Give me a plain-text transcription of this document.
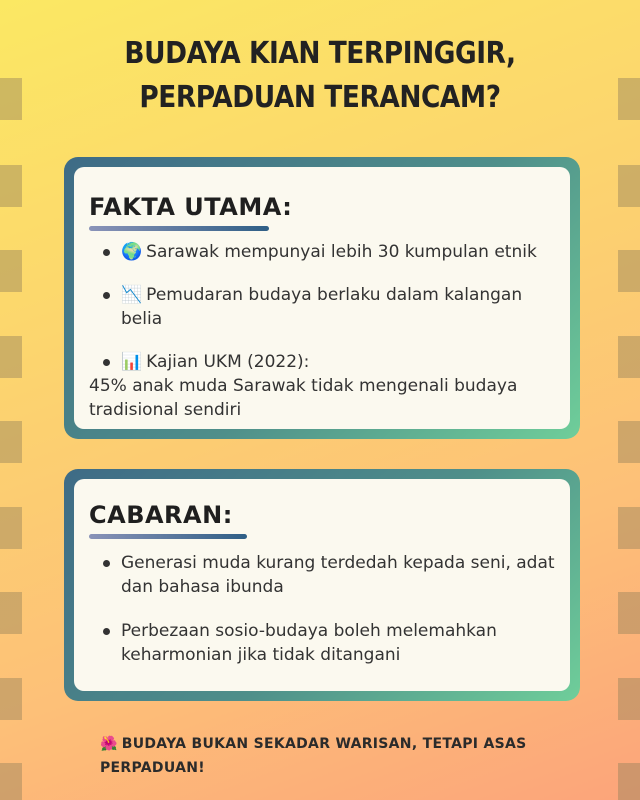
BUDAYA KIAN TERPINGGIR,
PERPADUAN TERANCAM?
FAKTA UTAMA:
🌍 Sarawak mempunyai lebih 30 kumpulan etnik
📉 Pemudaran budaya berlaku dalam kalangan belia
📊 Kajian UKM (2022):
45% anak muda Sarawak tidak mengenali budaya tradisional sendiri
CABARAN:
Generasi muda kurang terdedah kepada seni, adat dan bahasa ibunda
Perbezaan sosio-budaya boleh melemahkan keharmonian jika tidak ditangani

🌺 BUDAYA BUKAN SEKADAR WARISAN, TETAPI ASAS PERPADUAN!
